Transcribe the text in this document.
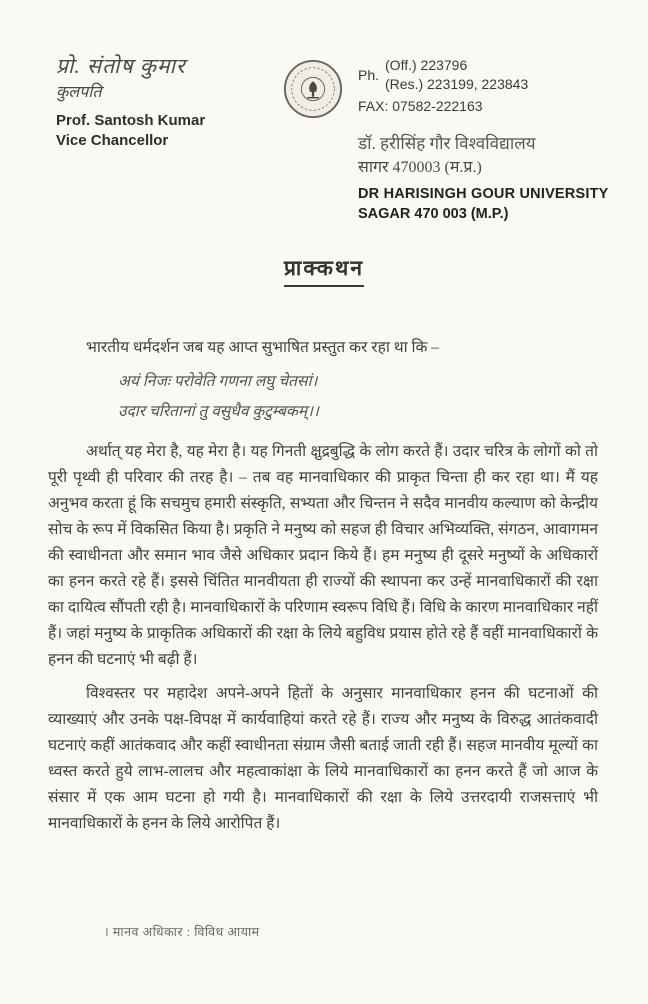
प्रो. संतोष कुमार
कुलपति
Prof. Santosh Kumar
Vice Chancellor
Ph.
(Off.) 223796
(Res.) 223199, 223843
FAX: 07582-222163
डॉ. हरीसिंह गौर विश्वविद्यालय
सागर 470003 (म.प्र.)
DR HARISINGH GOUR UNIVERSITY
SAGAR 470 003 (M.P.)
प्राक्कथन

भारतीय धर्मदर्शन जब यह आप्त सुभाषित प्रस्तुत कर रहा था कि –

अयं निजः परोवेति गणना लघु चेतसां।

उदार चरितानां तु वसुधैव कुटुम्बकम्।।

अर्थात् यह मेरा है, यह मेरा है। यह गिनती क्षुद्रबुद्धि के लोग करते हैं। उदार चरित्र के लोगों को तो पूरी पृथ्वी ही परिवार की तरह है। – तब वह मानवाधिकार की प्राकृत चिन्ता ही कर रहा था। मैं यह अनुभव करता हूं कि सचमुच हमारी संस्कृति, सभ्यता और चिन्तन ने सदैव मानवीय कल्याण को केन्द्रीय सोच के रूप में विकसित किया है। प्रकृति ने मनुष्य को सहज ही विचार अभिव्यक्ति, संगठन, आवागमन की स्वाधीनता और समान भाव जैसे अधिकार प्रदान किये हैं। हम मनुष्य ही दूसरे मनुष्यों के अधिकारों का हनन करते रहे हैं। इससे चिंतित मानवीयता ही राज्यों की स्थापना कर उन्हें मानवाधिकारों की रक्षा का दायित्व सौंपती रही है। मानवाधिकारों के परिणाम स्वरूप विधि हैं। विधि के कारण मानवाधिकार नहीं हैं। जहां मनुष्य के प्राकृतिक अधिकारों की रक्षा के लिये बहुविध प्रयास होते रहे हैं वहीं मानवाधिकारों के हनन की घटनाएं भी बढ़ी हैं।

विश्वस्तर पर महादेश अपने-अपने हितों के अनुसार मानवाधिकार हनन की घटनाओं की व्याख्याएं और उनके पक्ष-विपक्ष में कार्यवाहियां करते रहे हैं। राज्य और मनुष्य के विरुद्ध आतंकवादी घटनाएं कहीं आतंकवाद और कहीं स्वाधीनता संग्राम जैसी बताई जाती रही हैं। सहज मानवीय मूल्यों का ध्वस्त करते हुये लाभ-लालच और महत्वाकांक्षा के लिये मानवाधिकारों का हनन करते हैं जो आज के संसार में एक आम घटना हो गयी है। मानवाधिकारों की रक्षा के लिये उत्तरदायी राजसत्ताएं भी मानवाधिकारों के हनन के लिये आरोपित हैं।

। मानव अधिकार : विविध आयाम
